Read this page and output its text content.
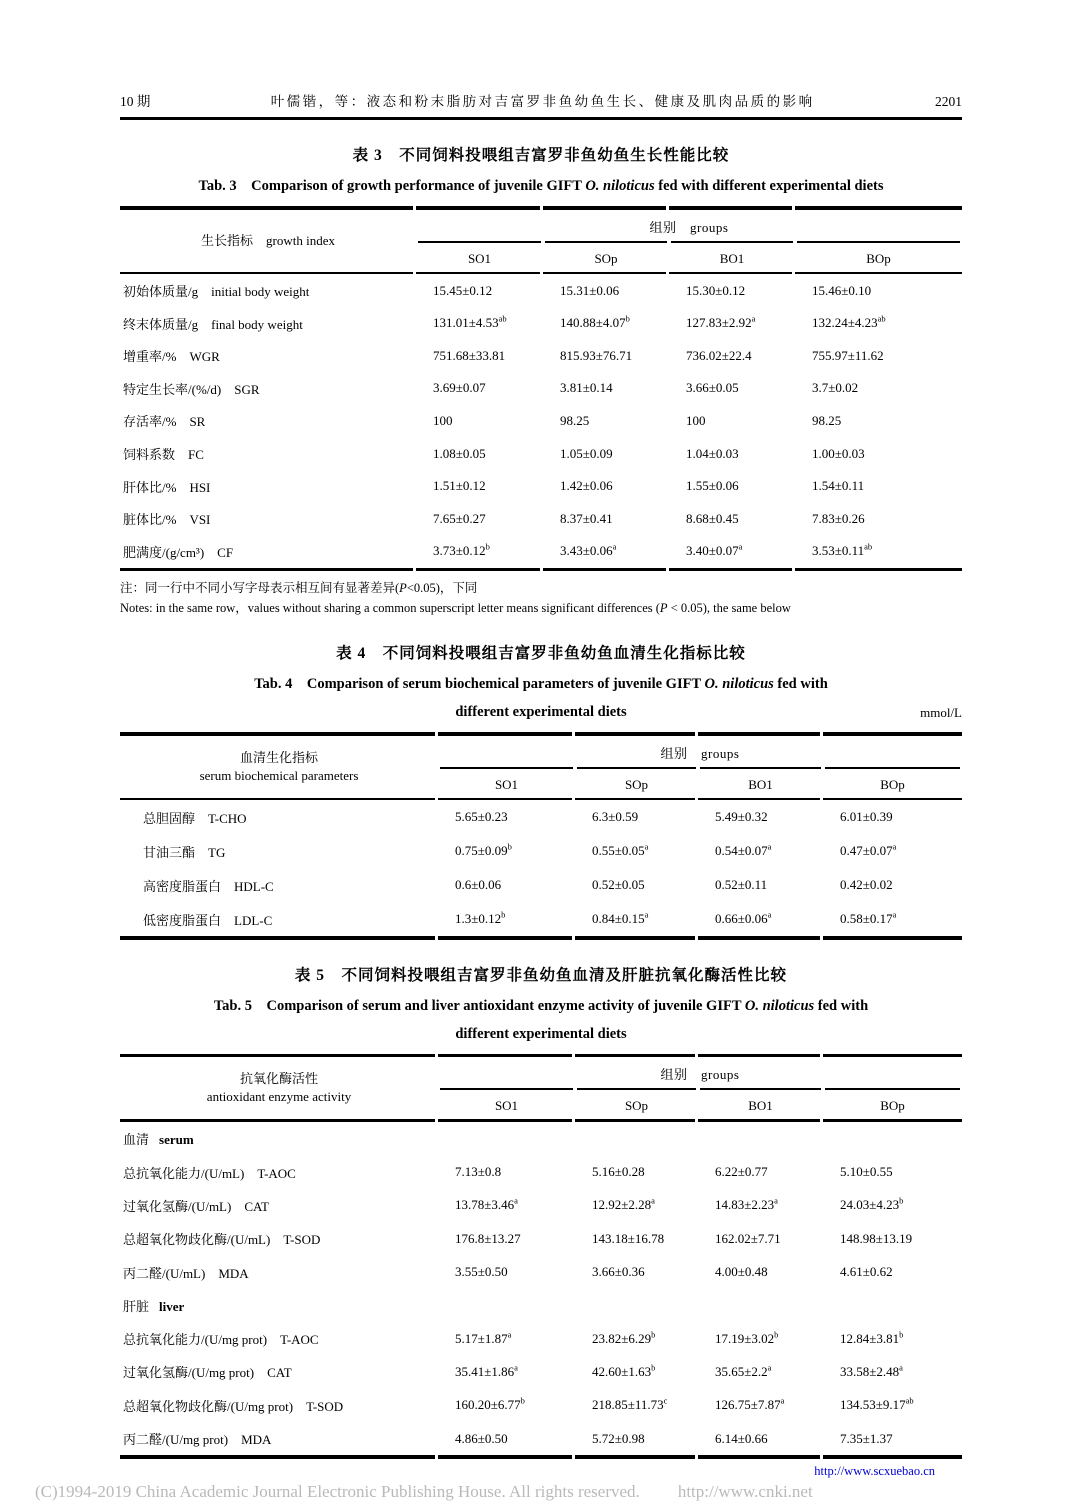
10 期	叶儒锴，等：液态和粉末脂肪对吉富罗非鱼幼鱼生长、健康及肌肉品质的影响	2201
表 3　不同饲料投喂组吉富罗非鱼幼鱼生长性能比较
Tab. 3　Comparison of growth performance of juvenile GIFT O. niloticus fed with different experimental diets
生长指标　growth index
组别　groups
SO1	SOp	BO1	BOp
初始体质量/g　initial body weight	15.45±0.12	15.31±0.06	15.30±0.12	15.46±0.10
终末体质量/g　final body weight	131.01±4.53$^{ab}$	140.88±4.07$^b$	127.83±2.92$^a$	132.24±4.23$^{ab}$
增重率/%　WGR	751.68±33.81	815.93±76.71	736.02±22.4	755.97±11.62
特定生长率/(%/d)　SGR	3.69±0.07	3.81±0.14	3.66±0.05	3.7±0.02
存活率/%　SR	100	98.25	100	98.25
饲料系数　FC	1.08±0.05	1.05±0.09	1.04±0.03	1.00±0.03
肝体比/%　HSI	1.51±0.12	1.42±0.06	1.55±0.06	1.54±0.11
脏体比/%　VSI	7.65±0.27	8.37±0.41	8.68±0.45	7.83±0.26
肥满度/(g/cm³)　CF	3.73±0.12$^b$	3.43±0.06$^a$	3.40±0.07$^a$	3.53±0.11$^{ab}$
注：同一行中不同小写字母表示相互间有显著差异(P<0.05)，下同
Notes: in the same row，values without sharing a common superscript letter means significant differences (P < 0.05), the same below
表 4　不同饲料投喂组吉富罗非鱼幼鱼血清生化指标比较
Tab. 4　Comparison of serum biochemical parameters of juvenile GIFT O. niloticus fed with
different experimental diets	mmol/L
血清生化指标
serum biochemical parameters
组别　groups
SO1	SOp	BO1	BOp
总胆固醇　T-CHO	5.65±0.23	6.3±0.59	5.49±0.32	6.01±0.39
甘油三酯　TG	0.75±0.09$^b$	0.55±0.05$^a$	0.54±0.07$^a$	0.47±0.07$^a$
高密度脂蛋白　HDL-C	0.6±0.06	0.52±0.05	0.52±0.11	0.42±0.02
低密度脂蛋白　LDL-C	1.3±0.12$^b$	0.84±0.15$^a$	0.66±0.06$^a$	0.58±0.17$^a$
表 5　不同饲料投喂组吉富罗非鱼幼鱼血清及肝脏抗氧化酶活性比较
Tab. 5　Comparison of serum and liver antioxidant enzyme activity of juvenile GIFT O. niloticus fed with
different experimental diets
抗氧化酶活性
antioxidant enzyme activity
组别　groups
SO1	SOp	BO1	BOp
血清 serum
总抗氧化能力/(U/mL)　T-AOC	7.13±0.8	5.16±0.28	6.22±0.77	5.10±0.55
过氧化氢酶/(U/mL)　CAT	13.78±3.46$^a$	12.92±2.28$^a$	14.83±2.23$^a$	24.03±4.23$^b$
总超氧化物歧化酶/(U/mL)　T-SOD	176.8±13.27	143.18±16.78	162.02±7.71	148.98±13.19
丙二醛/(U/mL)　MDA	3.55±0.50	3.66±0.36	4.00±0.48	4.61±0.62
肝脏 liver
总抗氧化能力/(U/mg prot)　T-AOC	5.17±1.87$^a$	23.82±6.29$^b$	17.19±3.02$^b$	12.84±3.81$^b$
过氧化氢酶/(U/mg prot)　CAT	35.41±1.86$^a$	42.60±1.63$^b$	35.65±2.2$^a$	33.58±2.48$^a$
总超氧化物歧化酶/(U/mg prot)　T-SOD	160.20±6.77$^b$	218.85±11.73$^c$	126.75±7.87$^a$	134.53±9.17$^{ab}$
丙二醛/(U/mg prot)　MDA	4.86±0.50	5.72±0.98	6.14±0.66	7.35±1.37
http://www.scxuebao.cn
(C)1994-2019 China Academic Journal Electronic Publishing House. All rights reserved. http://www.cnki.net
